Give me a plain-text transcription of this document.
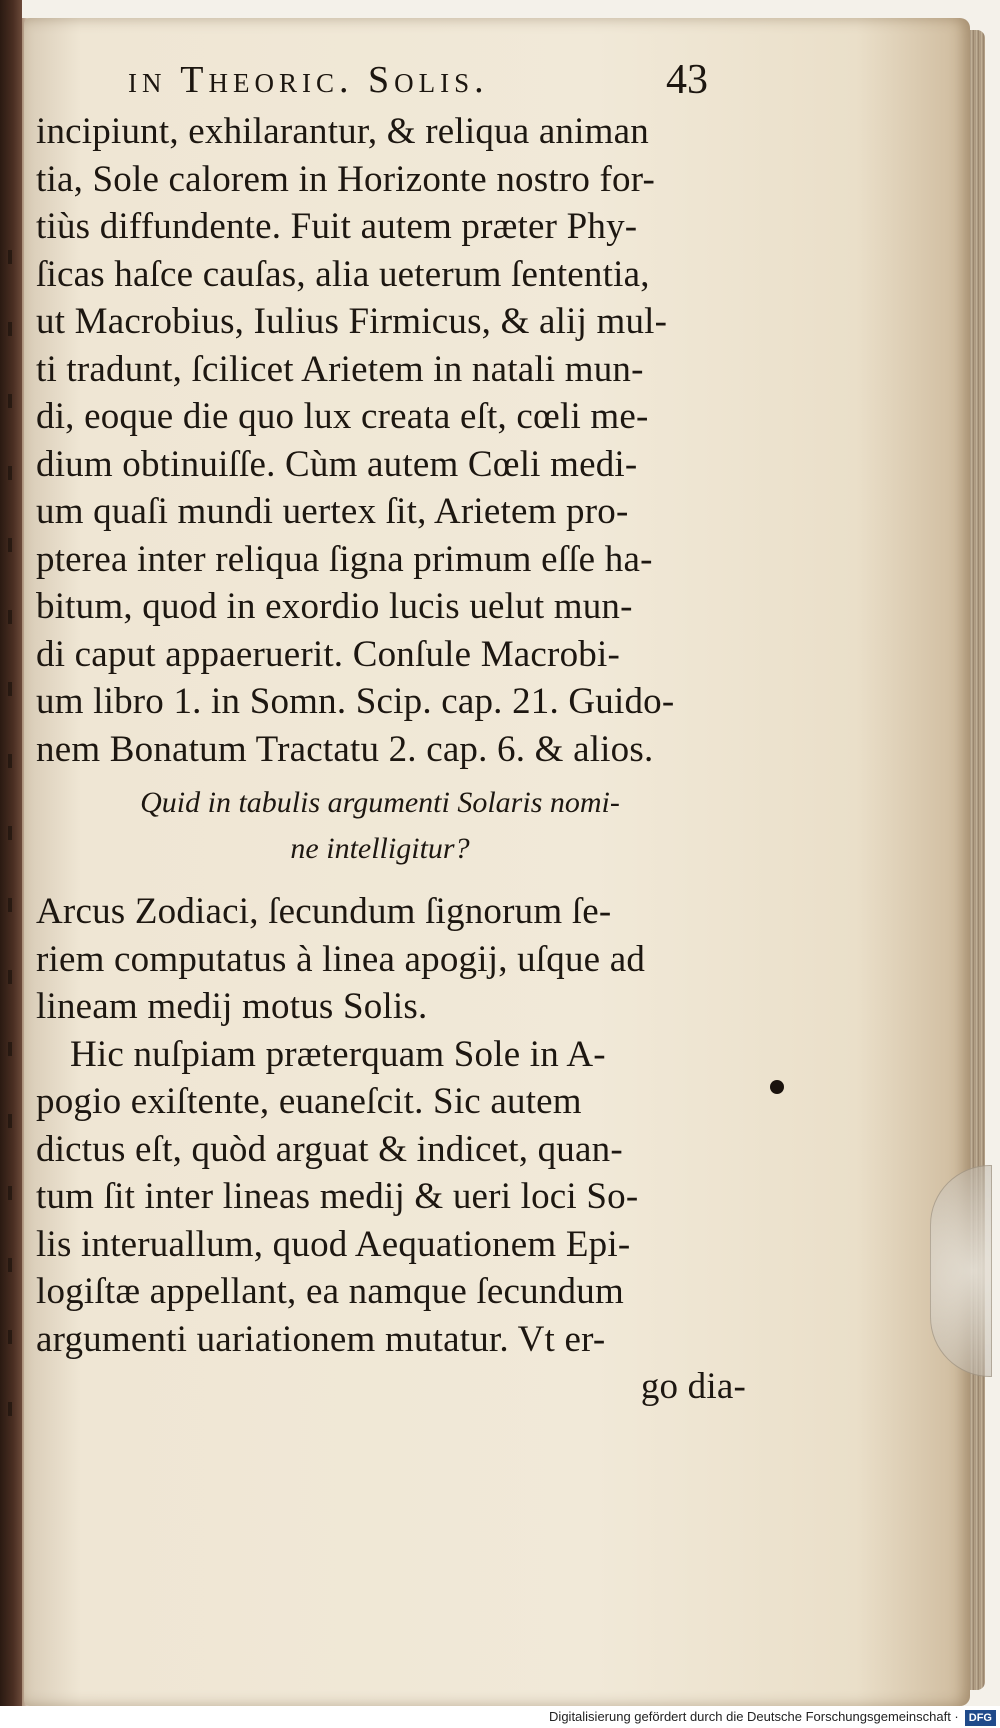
in Theoric. Solis.	43
incipiunt, exhilarantur, & reliqua animan
tia, Sole calorem in Horizonte nostro for-
tiùs diffundente. Fuit autem præter Phy-
ſicas haſce cauſas, alia ueterum ſententia,
ut Macrobius, Iulius Firmicus, & alij mul-
ti tradunt, ſcilicet Arietem in natali mun-
di, eoque die quo lux creata eſt, cœli me-
dium obtinuiſſe. Cùm autem Cœli medi-
um quaſi mundi uertex ſit, Arietem pro-
pterea inter reliqua ſigna primum eſſe ha-
bitum, quod in exordio lucis uelut mun-
di caput appaeruerit. Conſule Macrobi-
um libro 1. in Somn. Scip. cap. 21. Guido-
nem Bonatum Tractatu 2. cap. 6. & alios.
Quid in tabulis argumenti Solaris nomi-
ne intelligitur?
Arcus Zodiaci, ſecundum ſignorum ſe-
riem computatus à linea apogij, uſque ad
lineam medij motus Solis.
Hic nuſpiam præterquam Sole in A-
pogio exiſtente, euaneſcit. Sic autem
dictus eſt, quòd arguat & indicet, quan-
tum ſit inter lineas medij & ueri loci So-
lis interuallum, quod Aequationem Epi-
logiſtæ appellant, ea namque ſecundum
argumenti uariationem mutatur. Vt er-
go dia-
Digitalisierung gefördert durch die Deutsche Forschungsgemeinschaft · DFG
